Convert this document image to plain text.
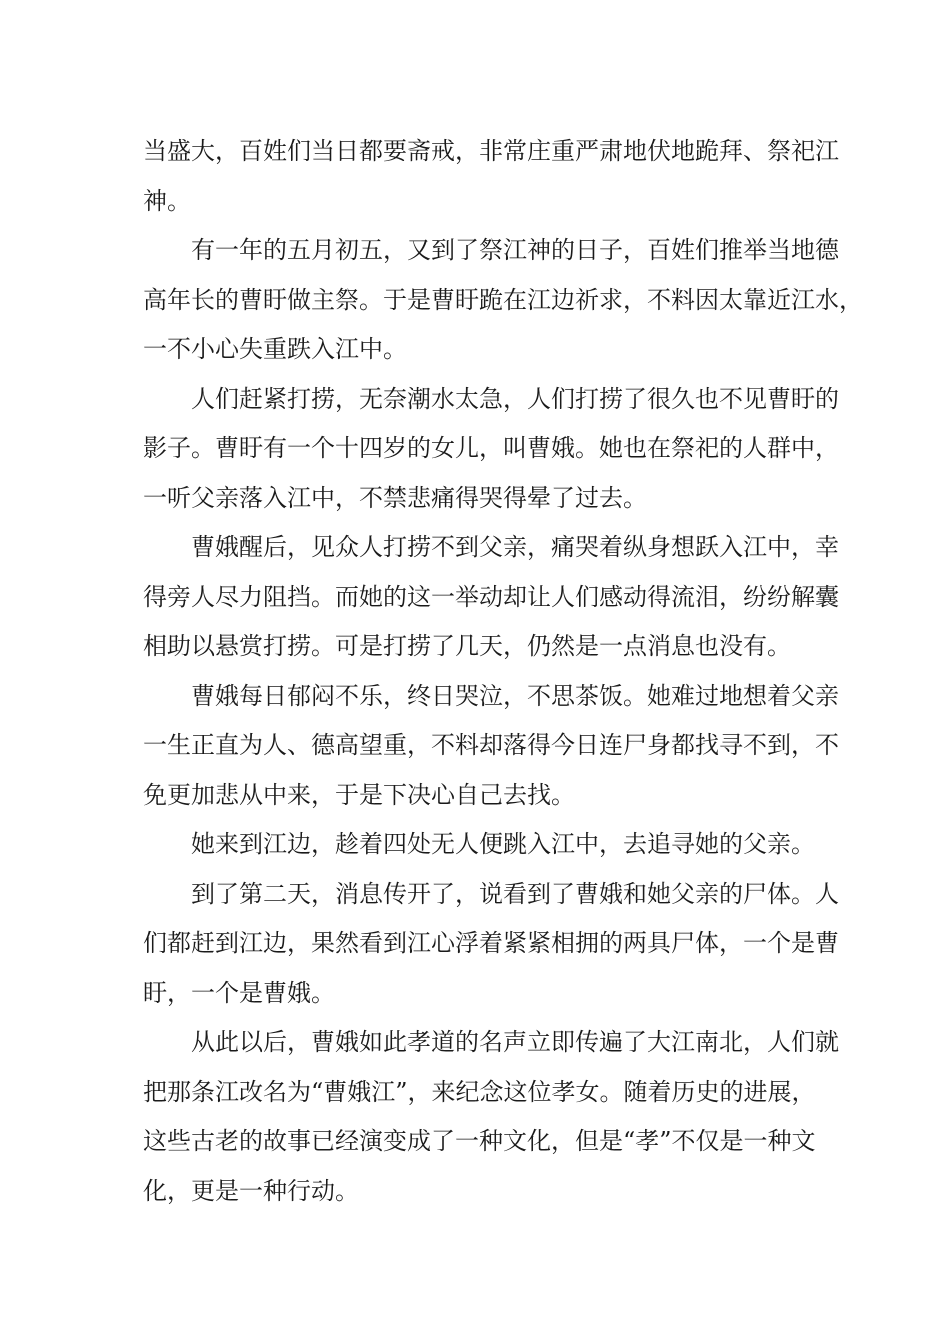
当盛大，百姓们当日都要斋戒，非常庄重严肃地伏地跪拜、祭祀江
神。
有一年的五月初五，又到了祭江神的日子，百姓们推举当地德
高年长的曹盱做主祭。于是曹盱跪在江边祈求，不料因太靠近江水，
一不小心失重跌入江中。
人们赶紧打捞，无奈潮水太急，人们打捞了很久也不见曹盱的
影子。曹盱有一个十四岁的女儿，叫曹娥。她也在祭祀的人群中，
一听父亲落入江中，不禁悲痛得哭得晕了过去。
曹娥醒后，见众人打捞不到父亲，痛哭着纵身想跃入江中，幸
得旁人尽力阻挡。而她的这一举动却让人们感动得流泪，纷纷解囊
相助以悬赏打捞。可是打捞了几天，仍然是一点消息也没有。
曹娥每日郁闷不乐，终日哭泣，不思茶饭。她难过地想着父亲
一生正直为人、德高望重，不料却落得今日连尸身都找寻不到，不
免更加悲从中来，于是下决心自己去找。
她来到江边，趁着四处无人便跳入江中，去追寻她的父亲。
到了第二天，消息传开了，说看到了曹娥和她父亲的尸体。人
们都赶到江边，果然看到江心浮着紧紧相拥的两具尸体，一个是曹
盱，一个是曹娥。
从此以后，曹娥如此孝道的名声立即传遍了大江南北，人们就
把那条江改名为“曹娥江”，来纪念这位孝女。随着历史的进展，
这些古老的故事已经演变成了一种文化，但是“孝”不仅是一种文
化，更是一种行动。
